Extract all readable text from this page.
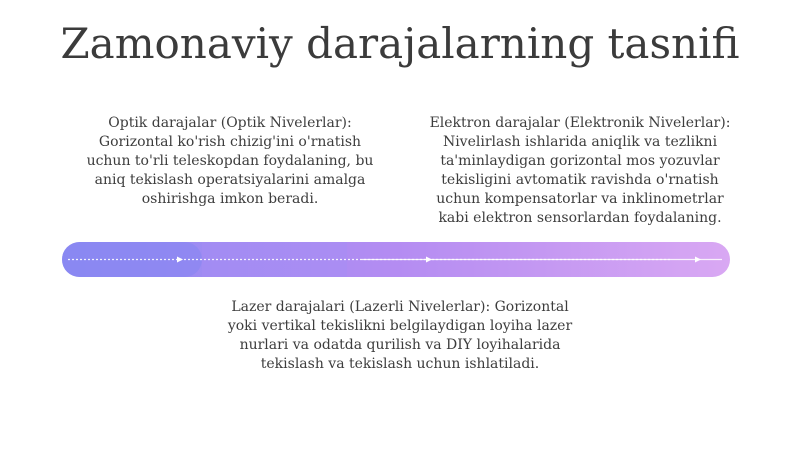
Zamonaviy darajalarning tasnifi
Optik darajalar (Optik Nivelerlar):
Gorizontal ko'rish chizig'ini o'rnatish
uchun to'rli teleskopdan foydalaning, bu
aniq tekislash operatsiyalarini amalga
oshirishga imkon beradi.
Elektron darajalar (Elektronik Nivelerlar):
Nivelirlash ishlarida aniqlik va tezlikni
ta'minlaydigan gorizontal mos yozuvlar
tekisligini avtomatik ravishda o'rnatish
uchun kompensatorlar va inklinometrlar
kabi elektron sensorlardan foydalaning.
Lazer darajalari (Lazerli Nivelerlar): Gorizontal
yoki vertikal tekislikni belgilaydigan loyiha lazer
nurlari va odatda qurilish va DIY loyihalarida
tekislash va tekislash uchun ishlatiladi.
